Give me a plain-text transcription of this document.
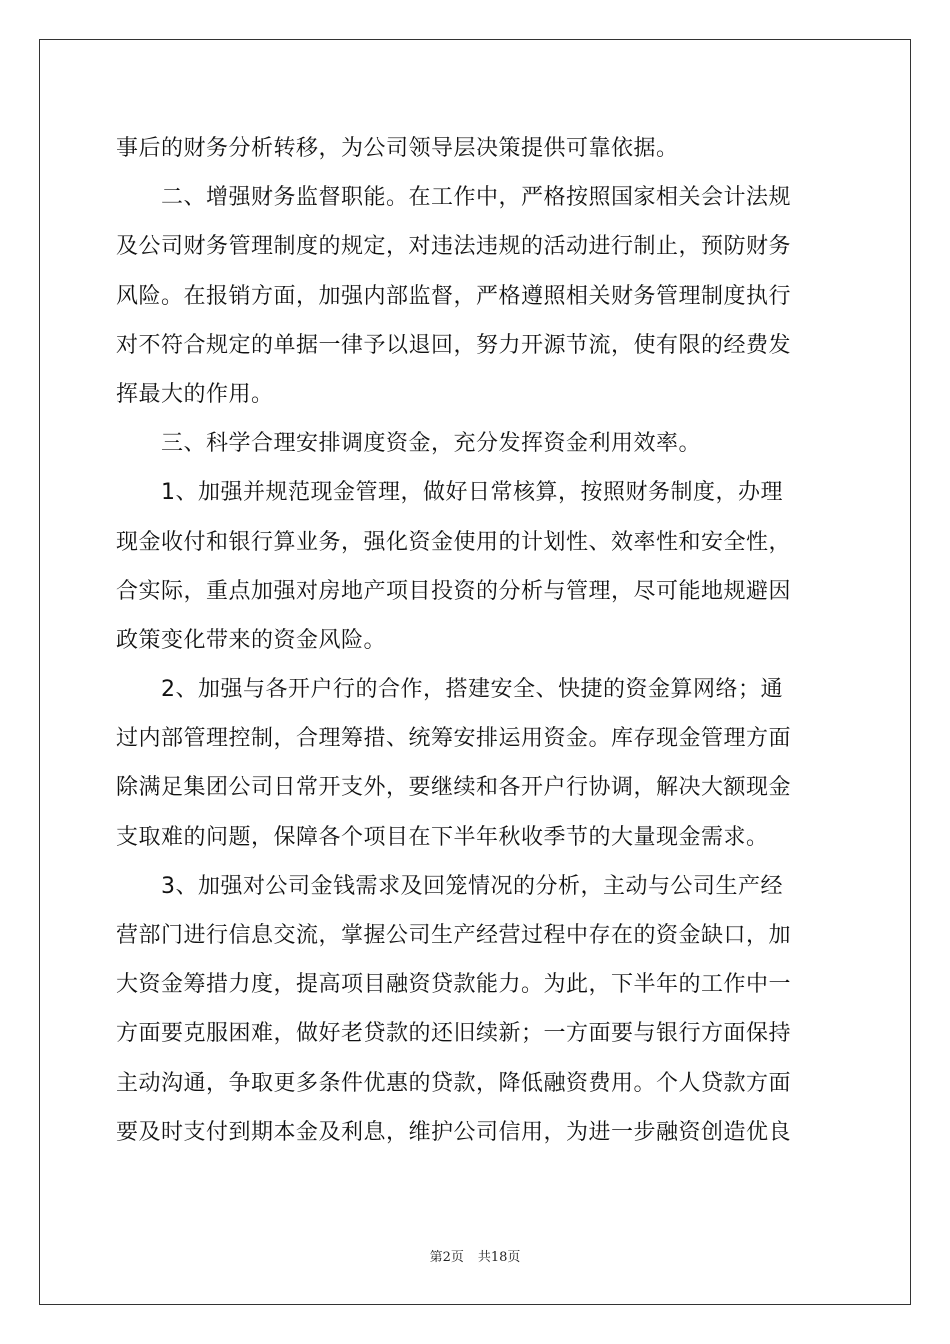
事后的财务分析转移，为公司领导层决策提供可靠依据。
　　二、增强财务监督职能。在工作中，严格按照国家相关会计法规
及公司财务管理制度的规定，对违法违规的活动进行制止，预防财务
风险。在报销方面，加强内部监督，严格遵照相关财务管理制度执行
对不符合规定的单据一律予以退回，努力开源节流，使有限的经费发
挥最大的作用。
　　三、科学合理安排调度资金，充分发挥资金利用效率。
　　1、加强并规范现金管理，做好日常核算，按照财务制度，办理
现金收付和银行算业务，强化资金使用的计划性、效率性和安全性，
合实际，重点加强对房地产项目投资的分析与管理，尽可能地规避因
政策变化带来的资金风险。
　　2、加强与各开户行的合作，搭建安全、快捷的资金算网络；通
过内部管理控制，合理筹措、统筹安排运用资金。库存现金管理方面
除满足集团公司日常开支外，要继续和各开户行协调，解决大额现金
支取难的问题，保障各个项目在下半年秋收季节的大量现金需求。
　　3、加强对公司金钱需求及回笼情况的分析，主动与公司生产经
营部门进行信息交流，掌握公司生产经营过程中存在的资金缺口，加
大资金筹措力度，提高项目融资贷款能力。为此，下半年的工作中一
方面要克服困难，做好老贷款的还旧续新；一方面要与银行方面保持
主动沟通，争取更多条件优惠的贷款，降低融资费用。个人贷款方面
要及时支付到期本金及利息，维护公司信用，为进一步融资创造优良
第2页 共18页
